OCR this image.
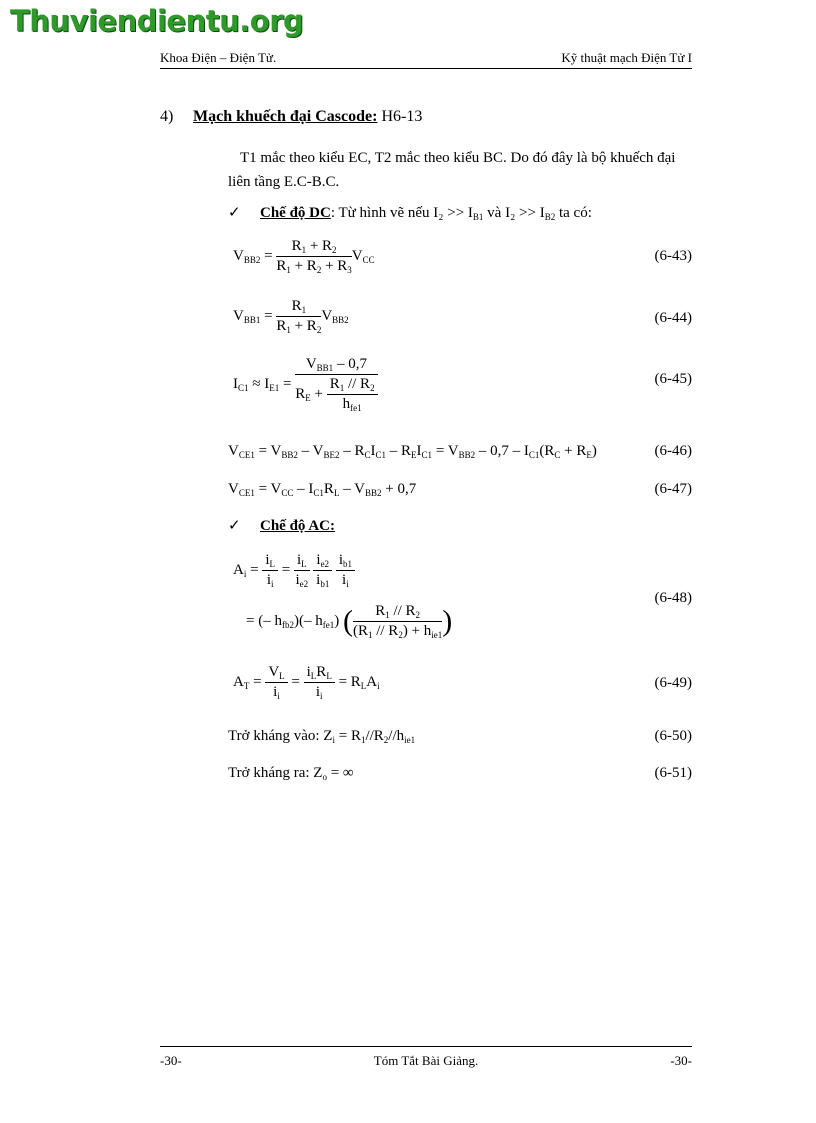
Thuviendientu.org
Khoa Điện – Điện Tử.	Kỹ thuật mạch Điện Tử I
4) Mạch khuếch đại Cascode: H6-13
T1 mắc theo kiểu EC, T2 mắc theo kiểu BC. Do đó đây là bộ khuếch đại liên tầng E.C-B.C.
✓ Chế độ DC: Từ hình vẽ nếu $I_2 >> I_{B1}$ và $I_2 >> I_{B2}$ ta có:
$V_{BB2} = \frac{R_1 + R_2}{R_1 + R_2 + R_3} V_{CC}$	(6-43)
$V_{BB1} = \frac{R_1}{R_1 + R_2} V_{BB2}$	(6-44)
$I_{C1} \approx I_{E1} = \frac{V_{BB1} - 0,7}{R_E + \frac{R_1 // R_2}{h_{fe1}}}$	(6-45)
$V_{CE1} = V_{BB2} - V_{BE2} - R_CI_{C1} - R_EI_{C1} = V_{BB2} - 0,7 - I_{C1}(R_C + R_E)$	(6-46)
$V_{CE1} = V_{CC} - I_{C1}R_L - V_{BB2} + 0,7$	(6-47)
✓ Chế độ AC:
$A_i = \frac{i_L}{i_i} = \frac{i_L}{i_{e2}}$
$\frac{i_{e2}}{i_{b1}}$
$\frac{i_{b1}}{i_i}$
= (– $h_{fb2})(-$ $h_{fe1}$) ( $\frac{R_1 // R_2}{(R_1 // R_2) + h_{ie1}}$ )
(6-48)
$A_T = \frac{V_L}{i_i} = \frac{i_LR_L}{i_i} = R_LA_i$	(6-49)
Trở kháng vào: $Z_i = R_1//R_2//h_{ie1}$	(6-50)
Trở kháng ra: $Z_o$ = ∞	(6-51)
-30-	Tóm Tắt Bài Giảng.	-30-
